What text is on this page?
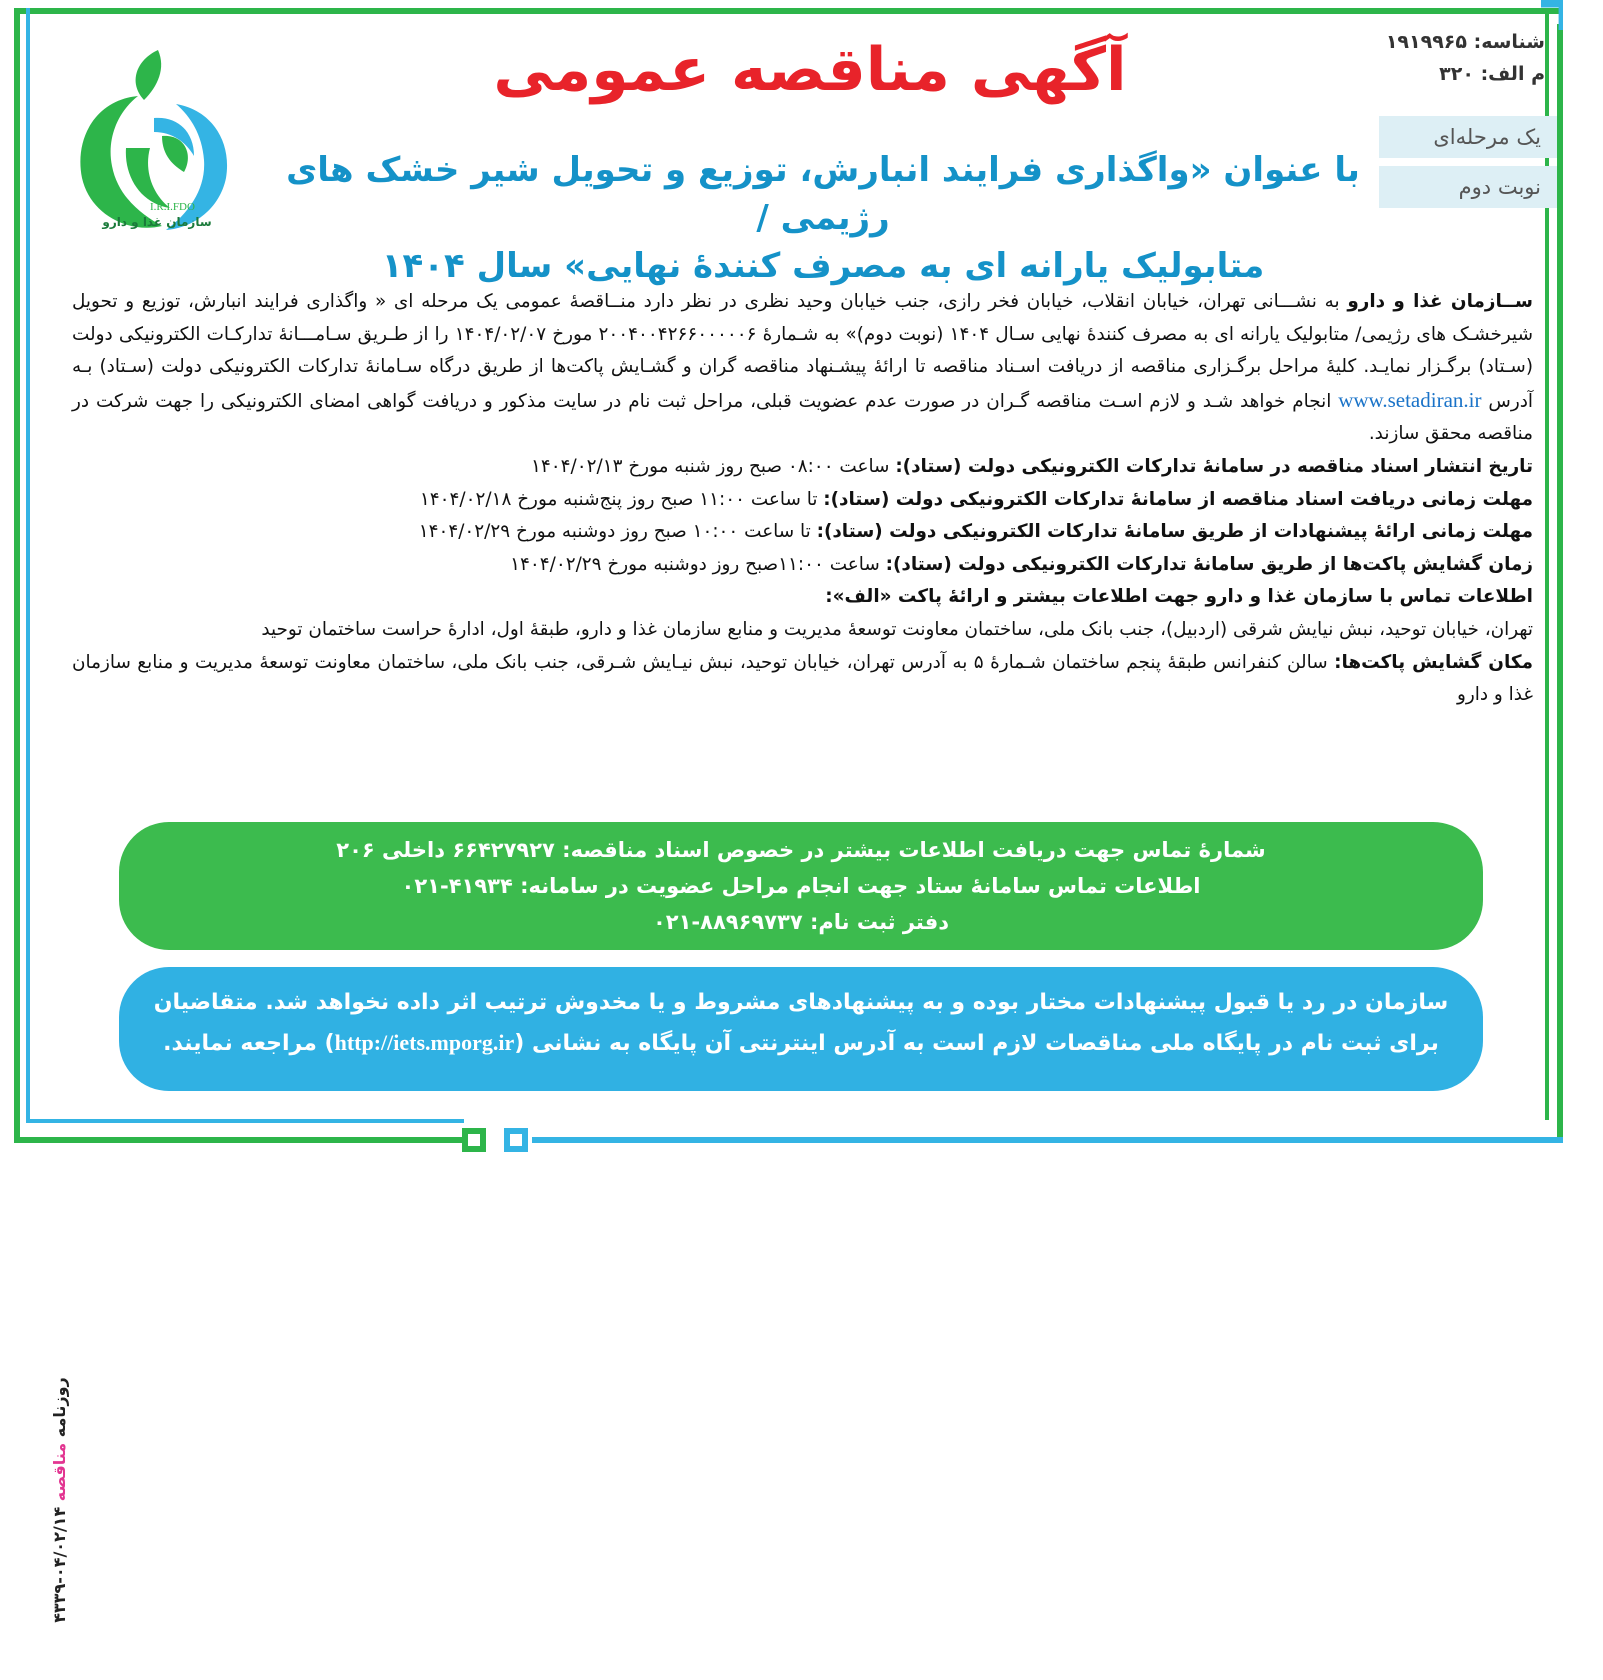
I.R.I.FDO
سازمان غذا و دارو
شناسه: ۱۹۱۹۹۶۵
م الف: ۳۲۰
یک مرحله‌ای
نوبت دوم
آگهی مناقصه عمومی
با عنوان «واگذاری فرایند انبارش، توزیع و تحویل شیر خشک های رژیمی /
متابولیک یارانه ای به مصرف کنندۀ نهایی» سال ۱۴۰۴

ســازمان غذا و دارو به نشـــانی تهران، خیابان انقلاب، خیابان فخر رازی، جنب خیابان وحید نظری در نظر دارد منــاقصۀ عمومی یک مرحله ای « واگذاری فرایند انبارش، توزیع و تحویل شیرخشـک های رژیمی/ متابولیک یارانه ای به مصرف کنندۀ نهایی سـال ۱۴۰۴ (نوبت دوم)» به شـمارۀ ۲۰۰۴۰۰۴۲۶۶۰۰۰۰۰۶ مورخ ۱۴۰۴/۰۲/۰۷ را از طـریق سـامـــانۀ تدارکـات الکترونیکی دولت (سـتاد) برگـزار نمایـد. کلیۀ مراحل برگـزاری مناقصه از دریافت اسـناد مناقصه تا ارائۀ پیشـنهاد مناقصه گران و گشـایش پاکت‌ها از طریق درگاه سـامانۀ تدارکات الکترونیکی دولت (سـتاد) بـه آدرس www.setadiran.ir انجام خواهد شـد و لازم اسـت مناقصه گـران در صورت عدم عضویت قبلی، مراحل ثبت نام در سایت مذکور و دریافت گواهی امضای الکترونیکی را جهت شرکت در مناقصه محقق سازند.

تاریخ انتشار اسناد مناقصه در سامانۀ تدارکات الکترونیکی دولت (ستاد): ساعت ۰۸:۰۰ صبح روز شنبه مورخ ۱۴۰۴/۰۲/۱۳

مهلت زمانی دریافت اسناد مناقصه از سامانۀ تدارکات الکترونیکی دولت (ستاد): تا ساعت ۱۱:۰۰ صبح روز پنج‌شنبه مورخ ۱۴۰۴/۰۲/۱۸

مهلت زمانی ارائۀ پیشنهادات از طریق سامانۀ تدارکات الکترونیکی دولت (ستاد): تا ساعت ۱۰:۰۰ صبح روز دوشنبه مورخ ۱۴۰۴/۰۲/۲۹

زمان گشایش پاکت‌ها از طریق سامانۀ تدارکات الکترونیکی دولت (ستاد): ساعت ۱۱:۰۰صبح روز دوشنبه مورخ ۱۴۰۴/۰۲/۲۹

اطلاعات تماس با سازمان غذا و دارو جهت اطلاعات بیشتر و ارائۀ پاکت «الف»:

تهران، خیابان توحید، نبش نیایش شرقی (اردبیل)، جنب بانک ملی، ساختمان معاونت توسعۀ مدیریت و منابع سازمان غذا و دارو، طبقۀ اول، ادارۀ حراست ساختمان توحید

مکان گشایش پاکت‌ها: سالن کنفرانس طبقۀ پنجم ساختمان شـمارۀ ۵ به آدرس تهران، خیابان توحید، نبش نیـایش شـرقی، جنب بانک ملی، ساختمان معاونت توسعۀ مدیریت و منابع سازمان غذا و دارو

روزنامه مناقصه ۰۴/۰۲/۱۴-۴۳۳۹
شمارۀ تماس جهت دریافت اطلاعات بیشتر در خصوص اسناد مناقصه: ۶۶۴۲۷۹۲۷ داخلی ۲۰۶
اطلاعات تماس سامانۀ ستاد جهت انجام مراحل عضویت در سامانه: ۴۱۹۳۴-۰۲۱
دفتر ثبت نام: ۸۸۹۶۹۷۳۷-۰۲۱
سازمان در رد یا قبول پیشنهادات مختار بوده و به پیشنهادهای مشروط و یا مخدوش ترتیب اثر داده نخواهد شد. متقاضیان
برای ثبت نام در پایگاه ملی مناقصات لازم است به آدرس اینترنتی آن پایگاه به نشانی (http://iets.mporg.ir) مراجعه نمایند.
